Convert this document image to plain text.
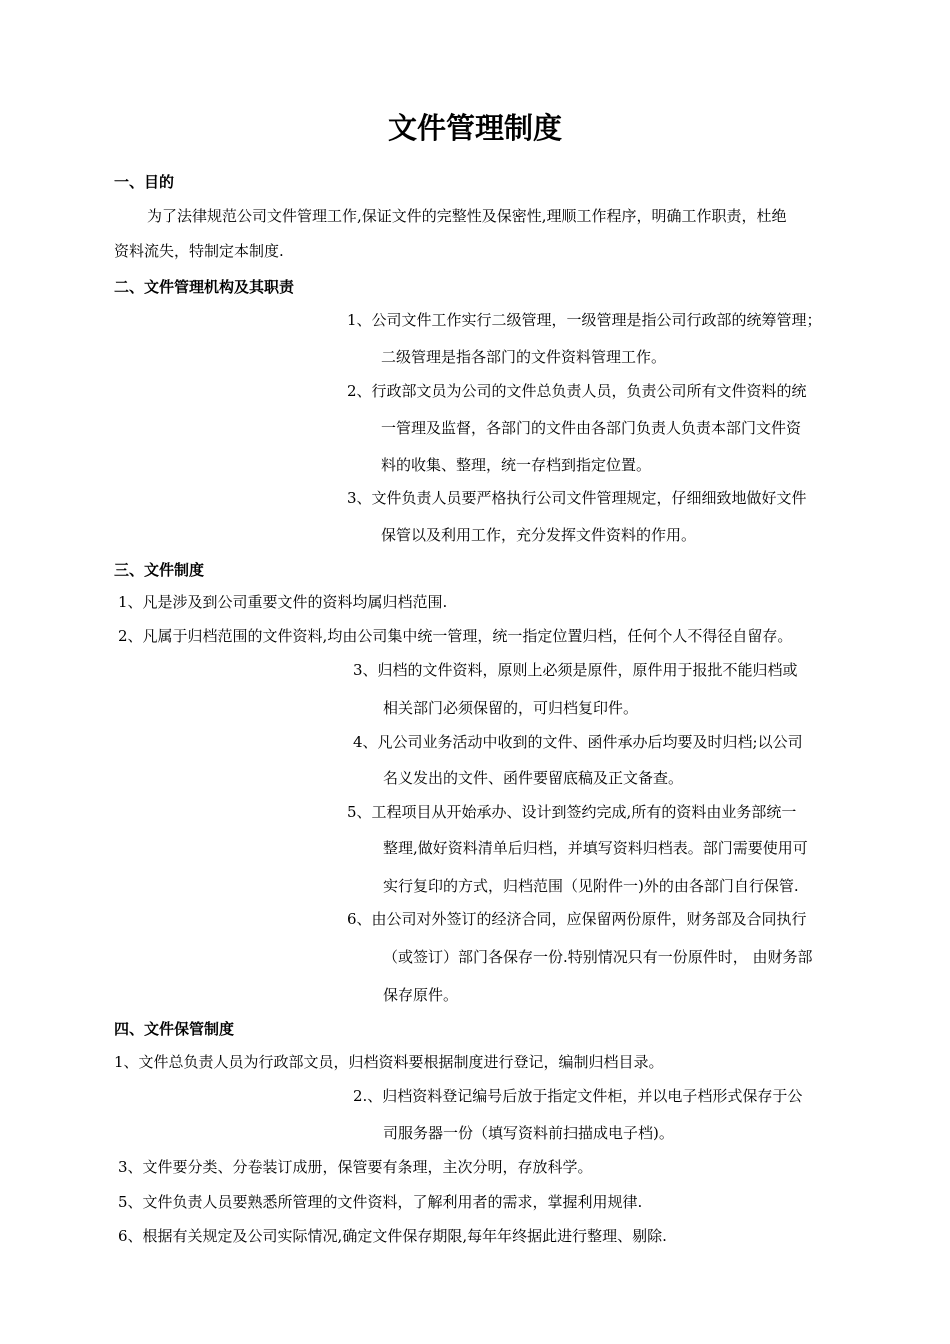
文件管理制度
一、目的
为了法律规范公司文件管理工作,保证文件的完整性及保密性,理顺工作程序，明确工作职责，杜绝
资料流失，特制定本制度.
二、文件管理机构及其职责
1、公司文件工作实行二级管理，一级管理是指公司行政部的统筹管理；
二级管理是指各部门的文件资料管理工作。
2、行政部文员为公司的文件总负责人员，负责公司所有文件资料的统
一管理及监督，各部门的文件由各部门负责人负责本部门文件资
料的收集、整理，统一存档到指定位置。
3、文件负责人员要严格执行公司文件管理规定，仔细细致地做好文件
保管以及利用工作，充分发挥文件资料的作用。
三、文件制度
1、凡是涉及到公司重要文件的资料均属归档范围.
2、凡属于归档范围的文件资料,均由公司集中统一管理，统一指定位置归档，任何个人不得径自留存。
3、归档的文件资料，原则上必须是原件，原件用于报批不能归档或
相关部门必须保留的，可归档复印件。
4、凡公司业务活动中收到的文件、函件承办后均要及时归档;以公司
名义发出的文件、函件要留底稿及正文备查。
5、工程项目从开始承办、设计到签约完成,所有的资料由业务部统一
整理,做好资料清单后归档，并填写资料归档表。部门需要使用可
实行复印的方式，归档范围（见附件一)外的由各部门自行保管.
6、由公司对外签订的经济合同，应保留两份原件，财务部及合同执行
（或签订）部门各保存一份.特别情况只有一份原件时， 由财务部
保存原件。
四、文件保管制度
1、文件总负责人员为行政部文员，归档资料要根据制度进行登记，编制归档目录。
2.、归档资料登记编号后放于指定文件柜，并以电子档形式保存于公
司服务器一份（填写资料前扫描成电子档)。
3、文件要分类、分卷装订成册，保管要有条理，主次分明，存放科学。
5、文件负责人员要熟悉所管理的文件资料，了解利用者的需求，掌握利用规律.
6、根据有关规定及公司实际情况,确定文件保存期限,每年年终据此进行整理、剔除.
